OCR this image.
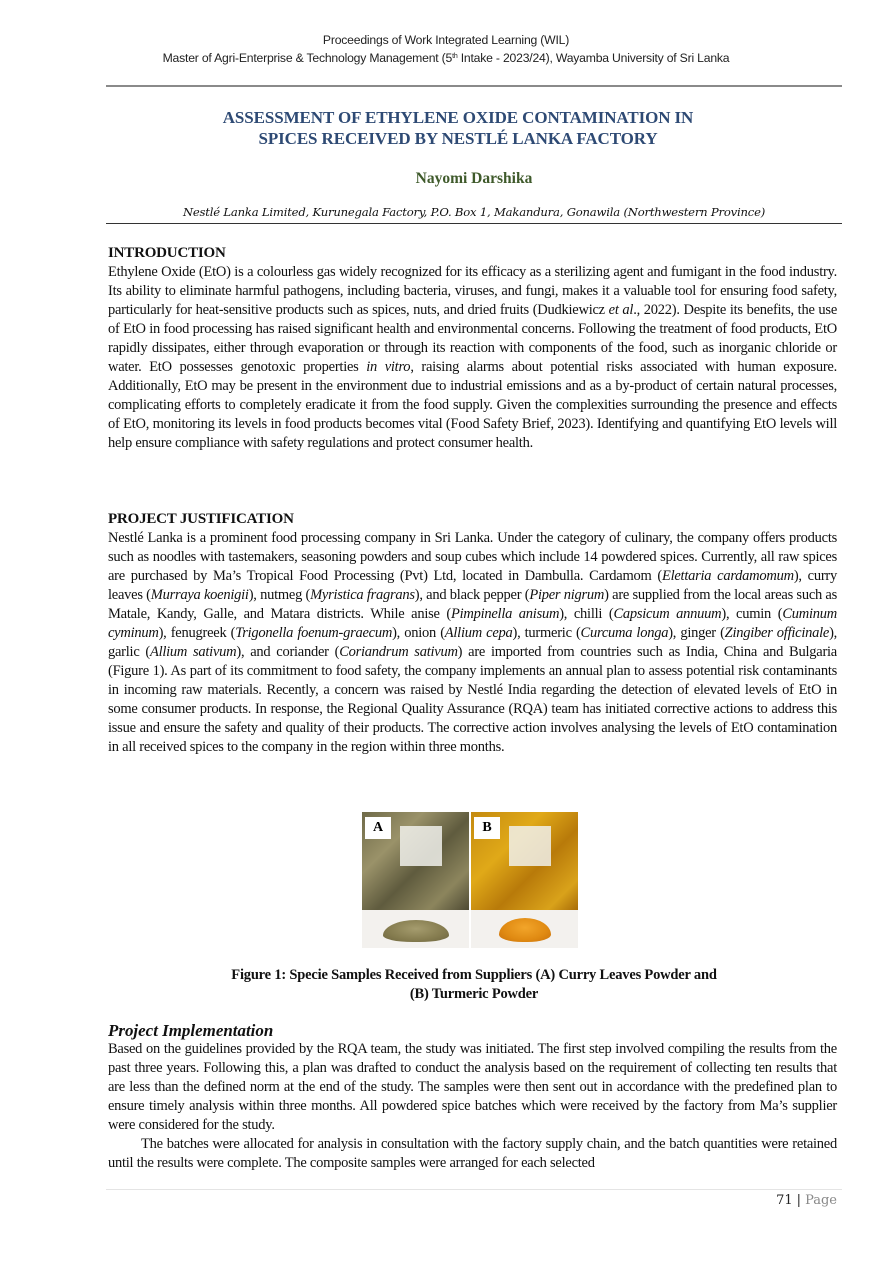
Proceedings of Work Integrated Learning (WIL)
Master of Agri-Enterprise & Technology Management (5th Intake - 2023/24), Wayamba University of Sri Lanka
ASSESSMENT OF ETHYLENE OXIDE CONTAMINATION IN
SPICES RECEIVED BY NESTLÉ LANKA FACTORY
Nayomi Darshika
Nestlé Lanka Limited, Kurunegala Factory, P.O. Box 1, Makandura, Gonawila (Northwestern Province)
INTRODUCTION

Ethylene Oxide (EtO) is a colourless gas widely recognized for its efficacy as a sterilizing agent and fumigant in the food industry. Its ability to eliminate harmful pathogens, including bacteria, viruses, and fungi, makes it a valuable tool for ensuring food safety, particularly for heat-sensitive products such as spices, nuts, and dried fruits (Dudkiewicz et al., 2022). Despite its benefits, the use of EtO in food processing has raised significant health and environmental concerns. Following the treatment of food products, EtO rapidly dissipates, either through evaporation or through its reaction with components of the food, such as inorganic chloride or water. EtO possesses genotoxic properties in vitro, raising alarms about potential risks associated with human exposure. Additionally, EtO may be present in the environment due to industrial emissions and as a by-product of certain natural processes, complicating efforts to completely eradicate it from the food supply. Given the complexities surrounding the presence and effects of EtO, monitoring its levels in food products becomes vital (Food Safety Brief, 2023). Identifying and quantifying EtO levels will help ensure compliance with safety regulations and protect consumer health.

PROJECT JUSTIFICATION

Nestlé Lanka is a prominent food processing company in Sri Lanka. Under the category of culinary, the company offers products such as noodles with tastemakers, seasoning powders and soup cubes which include 14 powdered spices. Currently, all raw spices are purchased by Ma’s Tropical Food Processing (Pvt) Ltd, located in Dambulla. Cardamom (Elettaria cardamomum), curry leaves (Murraya koenigii), nutmeg (Myristica fragrans), and black pepper (Piper nigrum) are supplied from the local areas such as Matale, Kandy, Galle, and Matara districts. While anise (Pimpinella anisum), chilli (Capsicum annuum), cumin (Cuminum cyminum), fenugreek (Trigonella foenum-graecum), onion (Allium cepa), turmeric (Curcuma longa), ginger (Zingiber officinale), garlic (Allium sativum), and coriander (Coriandrum sativum) are imported from countries such as India, China and Bulgaria (Figure 1). As part of its commitment to food safety, the company implements an annual plan to assess potential risk contaminants in incoming raw materials. Recently, a concern was raised by Nestlé India regarding the detection of elevated levels of EtO in some consumer products. In response, the Regional Quality Assurance (RQA) team has initiated corrective actions to address this issue and ensure the safety and quality of their products. The corrective action involves analysing the levels of EtO contamination in all received spices to the company in the region within three months.

A	B
Figure 1: Specie Samples Received from Suppliers (A) Curry Leaves Powder and
(B) Turmeric Powder
Project Implementation

Based on the guidelines provided by the RQA team, the study was initiated. The first step involved compiling the results from the past three years. Following this, a plan was drafted to conduct the analysis based on the requirement of collecting ten results that are less than the defined norm at the end of the study. The samples were then sent out in accordance with the predefined plan to ensure timely analysis within three months. All powdered spice batches which were received by the factory from Ma’s supplier were considered for the study.

The batches were allocated for analysis in consultation with the factory supply chain, and the batch quantities were retained until the results were complete. The composite samples were arranged for each selected

71 | Page
